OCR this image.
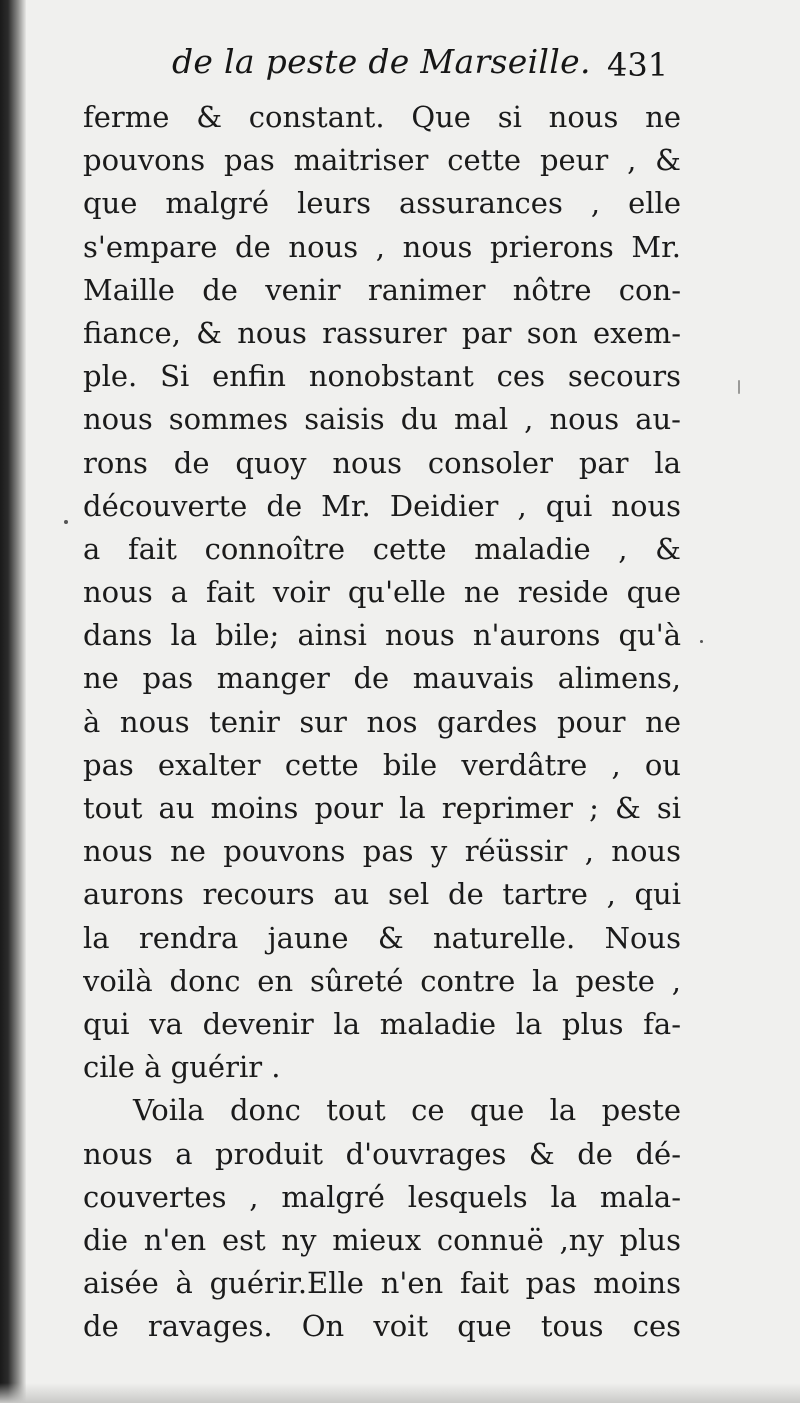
de la peste de Marseille. 431
ferme & constant. Que si nous ne
pouvons pas maitriser cette peur , &
que malgré leurs assurances , elle
s'empare de nous , nous prierons Mr.
Maille de venir ranimer nôtre con-
fiance, & nous rassurer par son exem-
ple. Si enfin nonobstant ces secours
nous sommes saisis du mal , nous au-
rons de quoy nous consoler par la
découverte de Mr. Deidier , qui nous
a fait connoître cette maladie , &
nous a fait voir qu'elle ne reside que
dans la bile; ainsi nous n'aurons qu'à
ne pas manger de mauvais alimens,
à nous tenir sur nos gardes pour ne
pas exalter cette bile verdâtre , ou
tout au moins pour la reprimer ; & si
nous ne pouvons pas y réüssir , nous
aurons recours au sel de tartre , qui
la rendra jaune & naturelle. Nous
voilà donc en sûreté contre la peste ,
qui va devenir la maladie la plus fa-
cile à guérir .
Voila donc tout ce que la peste
nous a produit d'ouvrages & de dé-
couvertes , malgré lesquels la mala-
die n'en est ny mieux connuë ,ny plus
aisée à guérir.Elle n'en fait pas moins
de ravages. On voit que tous ces
